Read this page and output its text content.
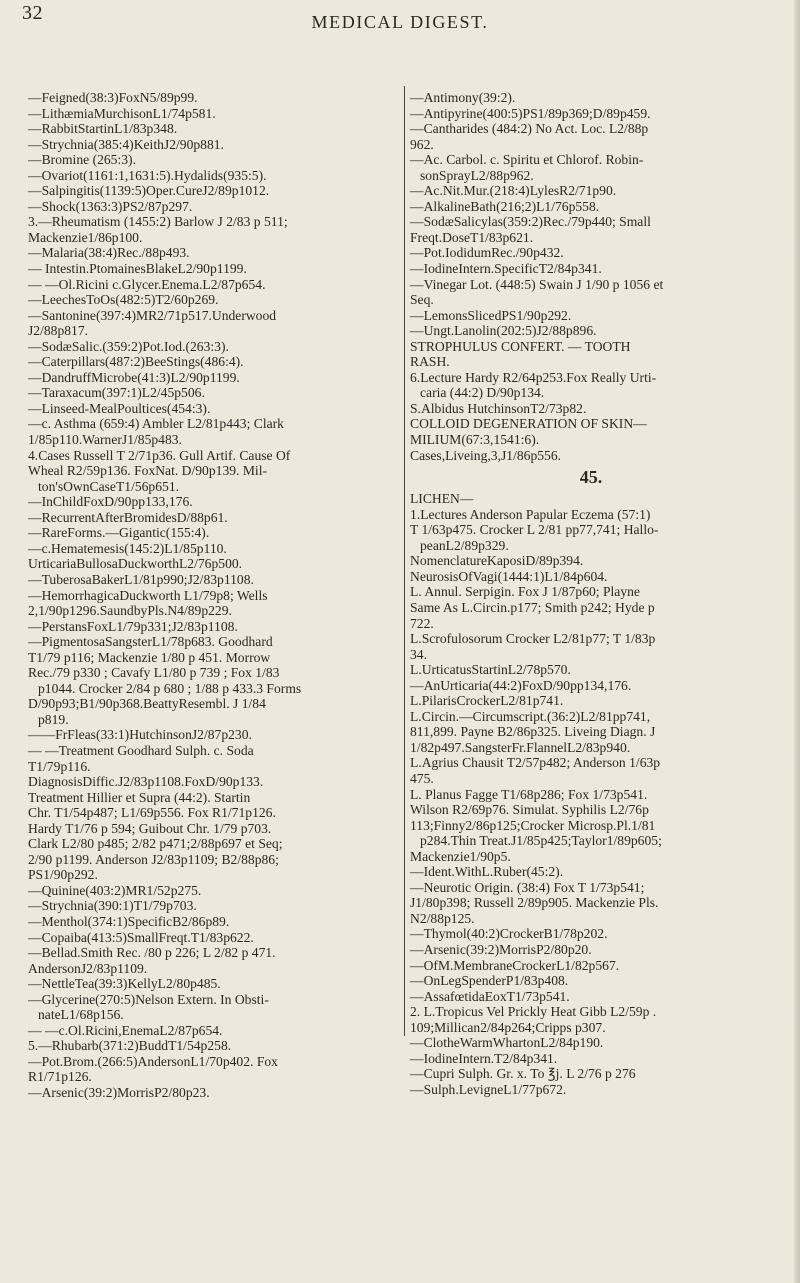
32	MEDICAL DIGEST.
—Feigned(38:3)FoxN5/89p99.
—LithæmiaMurchisonL1/74p581.
—RabbitStartinL1/83p348.
—Strychnia(385:4)KeithJ2/90p881.
—Bromine (265:3).
—Ovariot(1161:1,1631:5).Hydalids(935:5).
—Salpingitis(1139:5)Oper.CureJ2/89p1012.
—Shock(1363:3)PS2/87p297.
3.—Rheumatism (1455:2) Barlow J 2/83 p 511;
Mackenzie1/86p100.
—Malaria(38:4)Rec./88p493.
— Intestin.PtomainesBlakeL2/90p1199.
— —Ol.Ricini c.Glycer.Enema.L2/87p654.
—LeechesToOs(482:5)T2/60p269.
—Santonine(397:4)MR2/71p517.Underwood
J2/88p817.
—SodæSalic.(359:2)Pot.Iod.(263:3).
—Caterpillars(487:2)BeeStings(486:4).
—DandruffMicrobe(41:3)L2/90p1199.
—Taraxacum(397:1)L2/45p506.
—Linseed-MealPoultices(454:3).
—c. Asthma (659:4) Ambler L2/81p443; Clark
1/85p110.WarnerJ1/85p483.
4.Cases Russell T 2/71p36. Gull Artif. Cause Of
Wheal R2/59p136. FoxNat. D/90p139. Mil-
ton'sOwnCaseT1/56p651.
—InChildFoxD/90pp133,176.
—RecurrentAfterBromidesD/88p61.
—RareForms.—Gigantic(155:4).
—c.Hematemesis(145:2)L1/85p110.
UrticariaBullosaDuckworthL2/76p500.
—TuberosaBakerL1/81p990;J2/83p1108.
—HemorrhagicaDuckworth L1/79p8; Wells
2,1/90p1296.SaundbyPls.N4/89p229.
—PerstansFoxL1/79p331;J2/83p1108.
—PigmentosaSangsterL1/78p683. Goodhard
T1/79 p116; Mackenzie 1/80 p 451. Morrow
Rec./79 p330 ; Cavafy L1/80 p 739 ; Fox 1/83
p1044. Crocker 2/84 p 680 ; 1/88 p 433.3 Forms
D/90p93;B1/90p368.BeattyResembl. J 1/84
p819.
——FrFleas(33:1)HutchinsonJ2/87p230.
— —Treatment Goodhard Sulph. c. Soda
T1/79p116.
DiagnosisDiffic.J2/83p1108.FoxD/90p133.
Treatment Hillier et Supra (44:2). Startin
Chr. T1/54p487; L1/69p556. Fox R1/71p126.
Hardy T1/76 p 594; Guibout Chr. 1/79 p703.
Clark L2/80 p485; 2/82 p471;2/88p697 et Seq;
2/90 p1199. Anderson J2/83p1109; B2/88p86;
PS1/90p292.
—Quinine(403:2)MR1/52p275.
—Strychnia(390:1)T1/79p703.
—Menthol(374:1)SpecificB2/86p89.
—Copaiba(413:5)SmallFreqt.T1/83p622.
—Bellad.Smith Rec. /80 p 226; L 2/82 p 471.
AndersonJ2/83p1109.
—NettleTea(39:3)KellyL2/80p485.
—Glycerine(270:5)Nelson Extern. In Obsti-
nateL1/68p156.
— —c.Ol.Ricini,EnemaL2/87p654.
5.—Rhubarb(371:2)BuddT1/54p258.
—Pot.Brom.(266:5)AndersonL1/70p402. Fox
R1/71p126.
—Arsenic(39:2)MorrisP2/80p23.
—Antimony(39:2).
—Antipyrine(400:5)PS1/89p369;D/89p459.
—Cantharides (484:2) No Act. Loc. L2/88p
962.
—Ac. Carbol. c. Spiritu et Chlorof. Robin-
sonSprayL2/88p962.
—Ac.Nit.Mur.(218:4)LylesR2/71p90.
—AlkalineBath(216;2)L1/76p558.
—SodæSalicylas(359:2)Rec./79p440; Small
Freqt.DoseT1/83p621.
—Pot.IodidumRec./90p432.
—IodineIntern.SpecificT2/84p341.
—Vinegar Lot. (448:5) Swain J 1/90 p 1056 et
Seq.
—LemonsSlicedPS1/90p292.
—Ungt.Lanolin(202:5)J2/88p896.
STROPHULUS CONFERT. — TOOTH
RASH.
6.Lecture Hardy R2/64p253.Fox Really Urti-
caria (44:2) D/90p134.
S.Albidus HutchinsonT2/73p82.
COLLOID DEGENERATION OF SKIN—
MILIUM(67:3,1541:6).
Cases,Liveing,3,J1/86p556.
45.
LICHEN—
1.Lectures Anderson Papular Eczema (57:1)
T 1/63p475. Crocker L 2/81 pp77,741; Hallo-
peanL2/89p329.
NomenclatureKaposiD/89p394.
NeurosisOfVagi(1444:1)L1/84p604.
L. Annul. Serpigin. Fox J 1/87p60; Playne
Same As L.Circin.p177; Smith p242; Hyde p
722.
L.Scrofulosorum Crocker L2/81p77; T 1/83p
34.
L.UrticatusStartinL2/78p570.
—AnUrticaria(44:2)FoxD/90pp134,176.
L.PilarisCrockerL2/81p741.
L.Circin.—Circumscript.(36:2)L2/81pp741,
811,899. Payne B2/86p325. Liveing Diagn. J
1/82p497.SangsterFr.FlannelL2/83p940.
L.Agrius Chausit T2/57p482; Anderson 1/63p
475.
L. Planus Fagge T1/68p286; Fox 1/73p541.
Wilson R2/69p76. Simulat. Syphilis L2/76p
113;Finny2/86p125;Crocker Microsp.Pl.1/81
p284.Thin Treat.J1/85p425;Taylor1/89p605;
Mackenzie1/90p5.
—Ident.WithL.Ruber(45:2).
—Neurotic Origin. (38:4) Fox T 1/73p541;
J1/80p398; Russell 2/89p905. Mackenzie Pls.
N2/88p125.
—Thymol(40:2)CrockerB1/78p202.
—Arsenic(39:2)MorrisP2/80p20.
—OfM.MembraneCrockerL1/82p567.
—OnLegSpenderP1/83p408.
—AssafœtidaEoxT1/73p541.
2. L.Tropicus Vel Prickly Heat Gibb L2/59p .
109;Millican2/84p264;Cripps p307.
—ClotheWarmWhartonL2/84p190.
—IodineIntern.T2/84p341.
—Cupri Sulph. Gr. x. To ℥j. L 2/76 p 276
—Sulph.LevigneL1/77p672.
